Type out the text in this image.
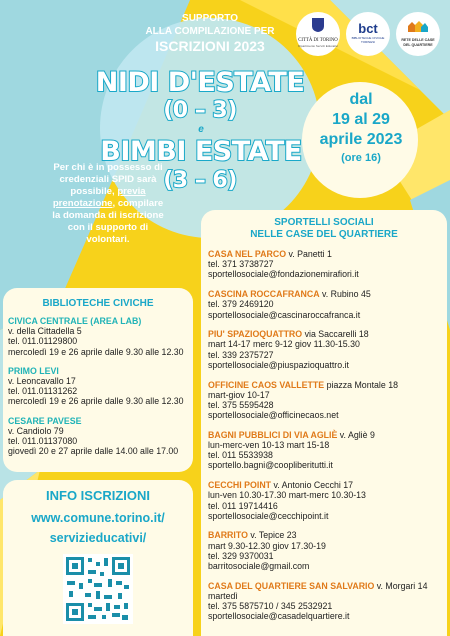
SUPPORTO
ALLA COMPILAZIONE PER
ISCRIZIONI 2023	CITTÀ DI TORINO
Dipartimento Servizi Educativi
bct
BIBLIOTECHE CIVICHE TORINESI	RETE DELLE CASE DEL QUARTIERE
NIDI D'ESTATE
(0 – 3)
e
BIMBI ESTATE
(3 – 6)
dal
19 al 29
aprile 2023
(ore 16)
Per chi è in possesso di credenziali SPID sarà possibile, previa prenotazione, compilare la domanda di iscrizione con il supporto di volontari.
BIBLIOTECHE CIVICHE
CIVICA CENTRALE (AREA LAB)
v. della Cittadella 5
tel. 011.01129800
mercoledì 19 e 26 aprile dalle 9.30 alle 12.30
PRIMO LEVI
v. Leoncavallo 17
tel. 011.01131262
mercoledì 19 e 26 aprile dalle 9.30 alle 12.30
CESARE PAVESE
v. Candiolo 79
tel. 011.01137080
giovedì 20 e 27 aprile dalle 14.00 alle 17.00
INFO ISCRIZIONI
www.comune.torino.it/
servizieducativi/
SPORTELLI SOCIALI
NELLE CASE DEL QUARTIERE
CASA NEL PARCO v. Panetti 1
tel. 371 3738727
sportellosociale@fondazionemirafiori.it
CASCINA ROCCAFRANCA v. Rubino 45
tel. 379 2469120
sportellosociale@cascinaroccafranca.it
PIU' SPAZIOQUATTRO via Saccarelli 18
mart 14-17 merc 9-12 giov 11.30-15.30
tel. 339 2375727
sportellosociale@piuspazioquattro.it
OFFICINE CAOS VALLETTE piazza Montale 18
mart-giov 10-17
tel. 375 5595428
sportellosociale@officinecaos.net
BAGNI PUBBLICI DI VIA AGLIÈ v. Agliè 9
lun-merc-ven 10-13 mart 15-18
tel. 011 5533938
sportello.bagni@coopliberitutti.it
CECCHI POINT v. Antonio Cecchi 17
lun-ven 10.30-17.30 mart-merc 10.30-13
tel. 011 19714416
sportellosociale@cecchipoint.it
BARRITO v. Tepice 23
mart 9.30-12.30 giov 17.30-19
tel. 329 9370031
barritosociale@gmail.com
CASA DEL QUARTIERE SAN SALVARIO v. Morgari 14
martedì
tel. 375 5875710 / 345 2532921
sportellosociale@casadelquartiere.it
